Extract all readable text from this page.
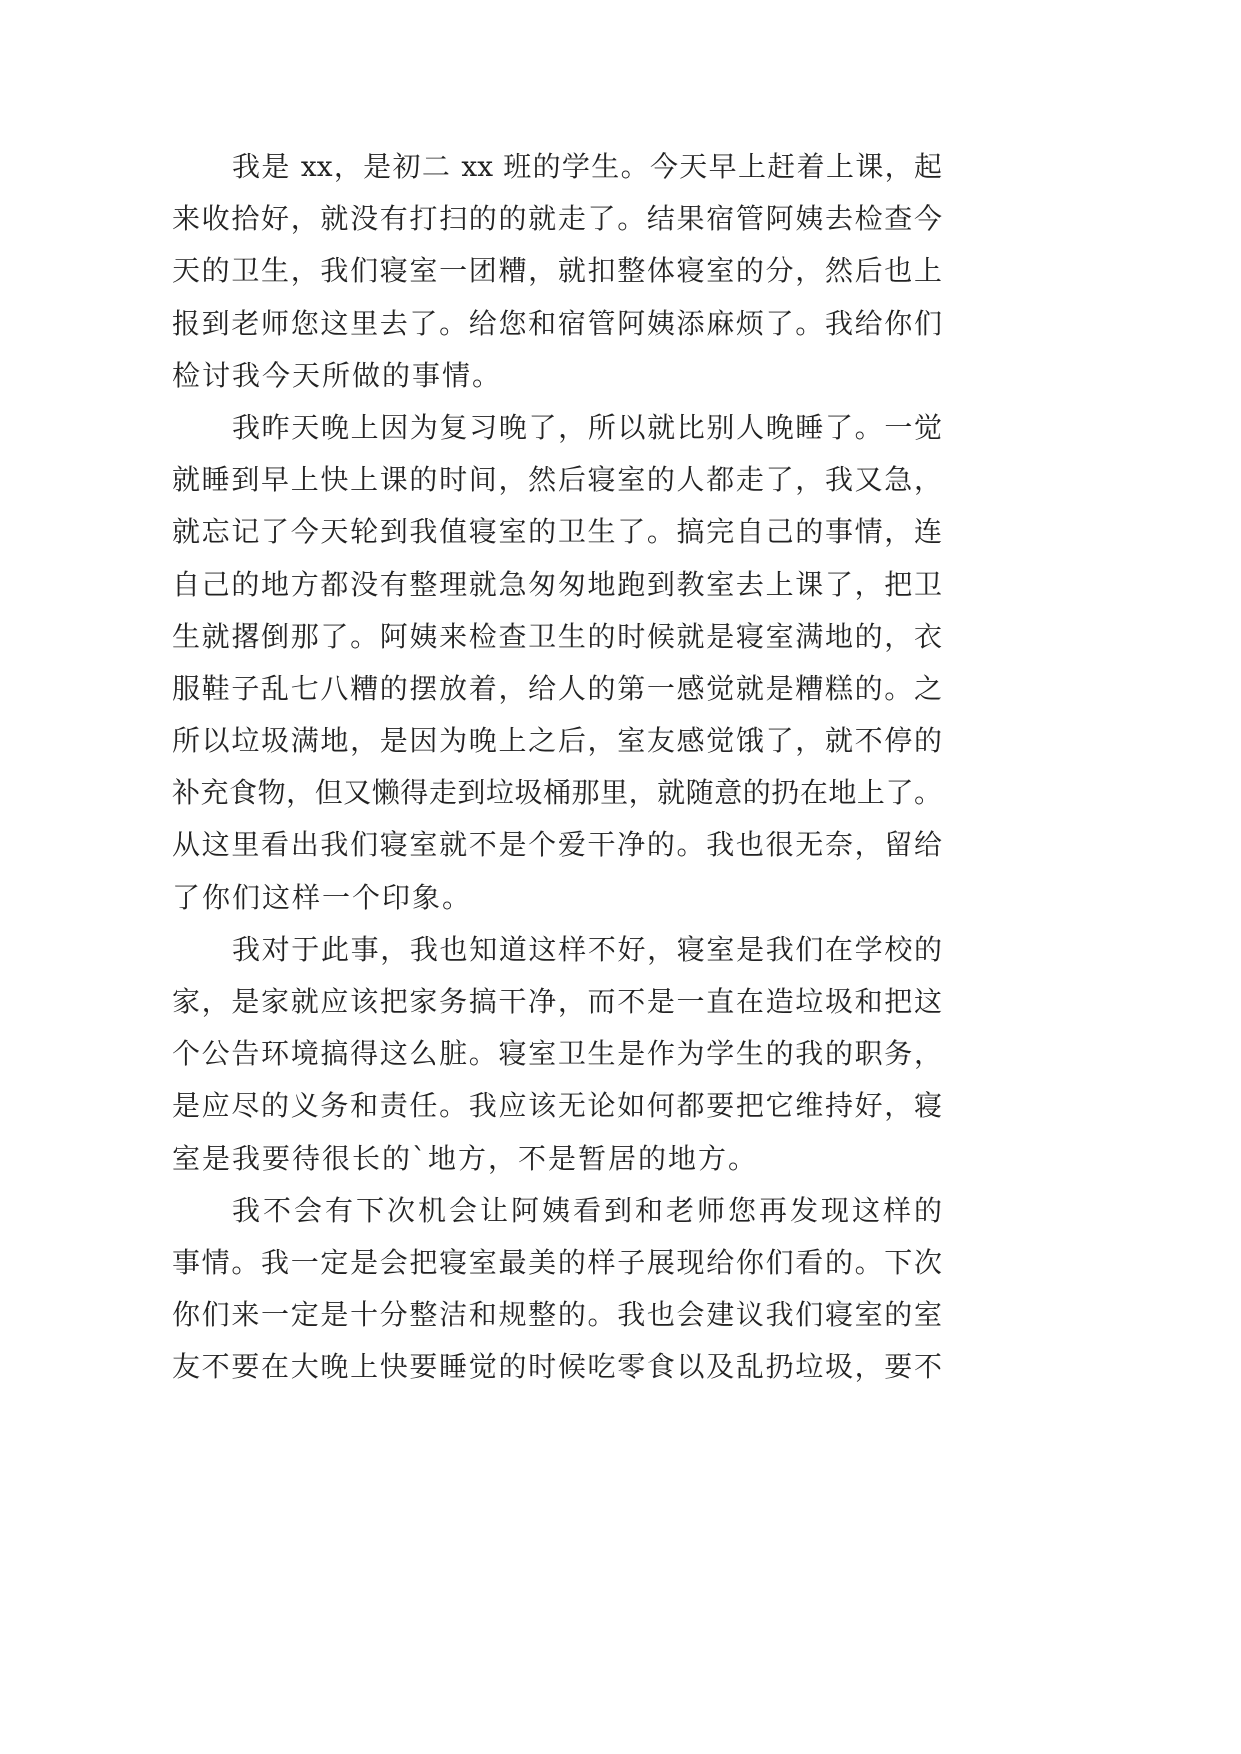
我是 xx，是初二 xx 班的学生。今天早上赶着上课，起
来收拾好，就没有打扫的的就走了。结果宿管阿姨去检查今
天的卫生，我们寝室一团糟，就扣整体寝室的分，然后也上
报到老师您这里去了。给您和宿管阿姨添麻烦了。我给你们
检讨我今天所做的事情。
我昨天晚上因为复习晚了，所以就比别人晚睡了。一觉
就睡到早上快上课的时间，然后寝室的人都走了，我又急，
就忘记了今天轮到我值寝室的卫生了。搞完自己的事情，连
自己的地方都没有整理就急匆匆地跑到教室去上课了，把卫
生就撂倒那了。阿姨来检查卫生的时候就是寝室满地的，衣
服鞋子乱七八糟的摆放着，给人的第一感觉就是糟糕的。之
所以垃圾满地，是因为晚上之后，室友感觉饿了，就不停的
补充食物，但又懒得走到垃圾桶那里，就随意的扔在地上了。
从这里看出我们寝室就不是个爱干净的。我也很无奈，留给
了你们这样一个印象。
我对于此事，我也知道这样不好，寝室是我们在学校的
家，是家就应该把家务搞干净，而不是一直在造垃圾和把这
个公告环境搞得这么脏。寝室卫生是作为学生的我的职务，
是应尽的义务和责任。我应该无论如何都要把它维持好，寝
室是我要待很长的`地方，不是暂居的地方。
我不会有下次机会让阿姨看到和老师您再发现这样的
事情。我一定是会把寝室最美的样子展现给你们看的。下次
你们来一定是十分整洁和规整的。我也会建议我们寝室的室
友不要在大晚上快要睡觉的时候吃零食以及乱扔垃圾，要不
